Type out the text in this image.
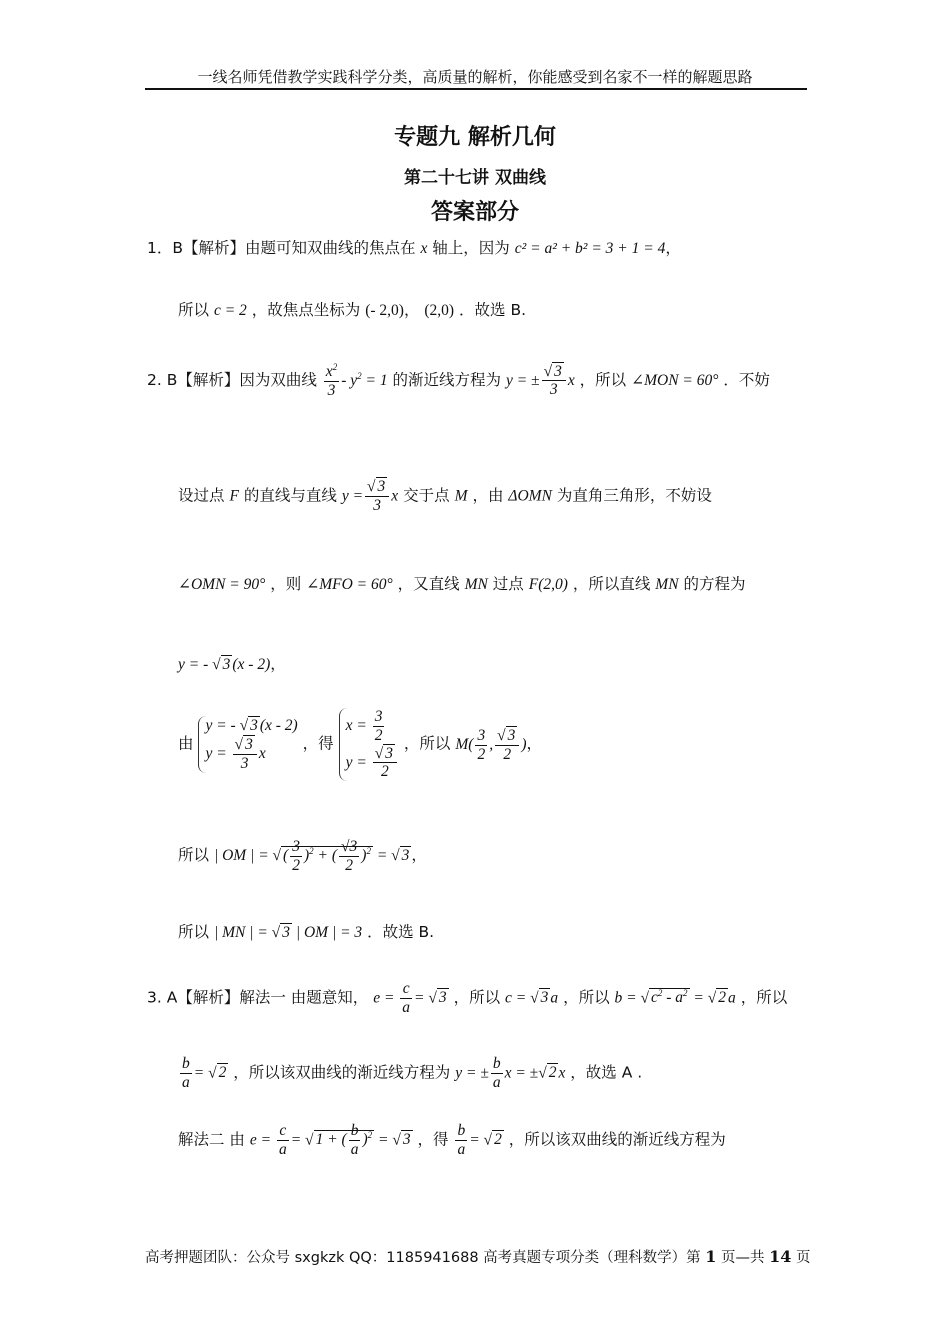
一线名师凭借教学实践科学分类，高质量的解析，你能感受到名家不一样的解题思路
专题九 解析几何
第二十七讲 双曲线
答案部分
1．B【解析】由题可知双曲线的焦点在 x 轴上，因为 c² = a² + b² = 3 + 1 = 4，
所以 c = 2 ，故焦点坐标为 (- 2,0)， (2,0) ．故选 B.
2. B【解析】因为双曲线 $\frac{x^2}{3} - y^2 = 1$ 的渐近线方程为 y = ± $\frac{√ 3}{3}$ x ，所以 ∠MON = 60° ．不妨
设过点 F 的直线与直线 $y = \frac{√ 3}{3}$ x 交于点 M ，由 ΔOMN 为直角三角形，不妨设
∠OMN = 90° ，则 ∠MFO = 60° ，又直线 MN 过点 F(2,0) ，所以直线 MN 的方程为
y = - √ 3 (x - 2)，
由
y = - √ 3 (x - 2)
$y = \frac{√ 3}{3}$ x
，得
$x = \frac{3}{2}$
$y = \frac{√ 3}{2}$
，所以 $M( \frac{3}{2}$ , $\frac{√ 3}{2}$ )，
所以 | OM | = √ ( $\frac{3}{2} )^2$ + ( $\frac{√3}{2} )^2$ = √ 3 ，
所以 | MN | = √ 3 | OM | = 3 ．故选 B.
3. A【解析】解法一 由题意知， $e = \frac{c}{a}$ = √ 3 ，所以 c = √ 3 a ，所以 b = √ $c^2 - a^2$ = √ 2 a ，所以
$\frac{b}{a}$ = √ 2 ，所以该双曲线的渐近线方程为 y = ± $\frac{b}{a}$ x = ±√ 2 x ，故选 A .
解法二 由 $e = \frac{c}{a}$ = √ 1 + ( $\frac{b}{a} )^2$ = √ 3 ，得 $\frac{b}{a}$ = √ 2 ，所以该双曲线的渐近线方程为
高考押题团队：公众号 sxgkzk QQ：1185941688 高考真题专项分类（理科数学）第 1 页—共 14 页
